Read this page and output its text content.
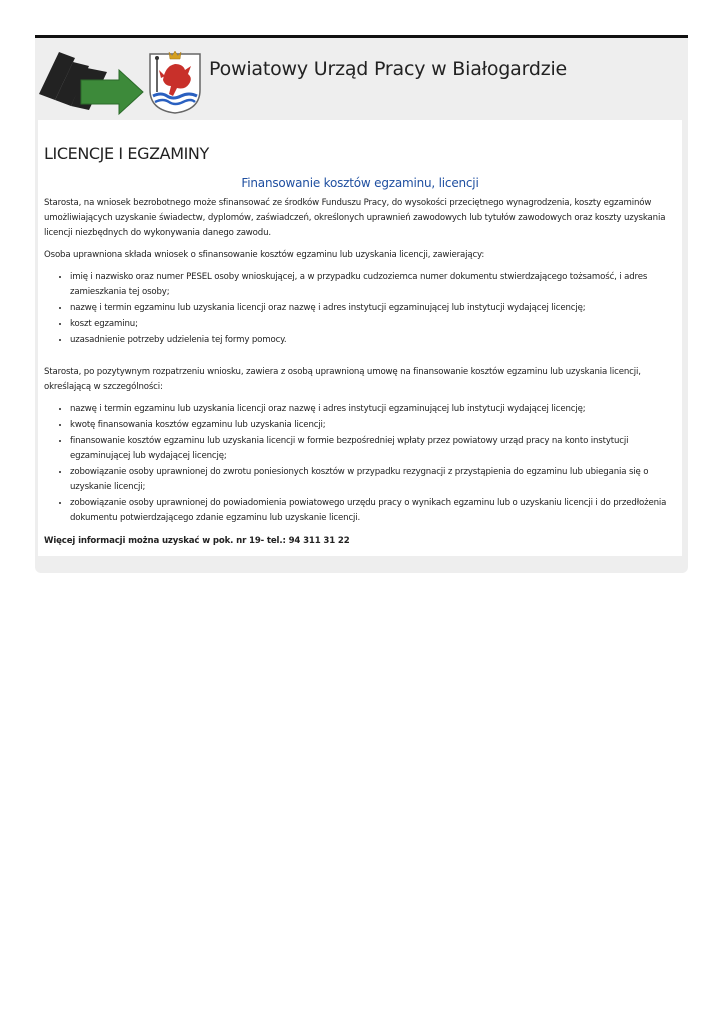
Powiatowy Urząd Pracy w Białogardzie
LICENCJE I EGZAMINY
Finansowanie kosztów egzaminu, licencji

Starosta, na wniosek bezrobotnego może sfinansować ze środków Funduszu Pracy, do wysokości przeciętnego wynagrodzenia, koszty egzaminów umożliwiających uzyskanie świadectw, dyplomów, zaświadczeń, określonych uprawnień zawodowych lub tytułów zawodowych oraz koszty uzyskania licencji niezbędnych do wykonywania danego zawodu.

Osoba uprawniona składa wniosek o sfinansowanie kosztów egzaminu lub uzyskania licencji, zawierający:

• imię i nazwisko oraz numer PESEL osoby wnioskującej, a w przypadku cudzoziemca numer dokumentu stwierdzającego tożsamość, i adres zamieszkania tej osoby;
• nazwę i termin egzaminu lub uzyskania licencji oraz nazwę i adres instytucji egzaminującej lub instytucji wydającej licencję;
• koszt egzaminu;
• uzasadnienie potrzeby udzielenia tej formy pomocy.

Starosta, po pozytywnym rozpatrzeniu wniosku, zawiera z osobą uprawnioną umowę na finansowanie kosztów egzaminu lub uzyskania licencji, określającą w szczególności:

• nazwę i termin egzaminu lub uzyskania licencji oraz nazwę i adres instytucji egzaminującej lub instytucji wydającej licencję;
• kwotę finansowania kosztów egzaminu lub uzyskania licencji;
• finansowanie kosztów egzaminu lub uzyskania licencji w formie bezpośredniej wpłaty przez powiatowy urząd pracy na konto instytucji egzaminującej lub wydającej licencję;
• zobowiązanie osoby uprawnionej do zwrotu poniesionych kosztów w przypadku rezygnacji z przystąpienia do egzaminu lub ubiegania się o uzyskanie licencji;
• zobowiązanie osoby uprawnionej do powiadomienia powiatowego urzędu pracy o wynikach egzaminu lub o uzyskaniu licencji i do przedłożenia dokumentu potwierdzającego zdanie egzaminu lub uzyskanie licencji.

Więcej informacji można uzyskać w pok. nr 19- tel.: 94 311 31 22
